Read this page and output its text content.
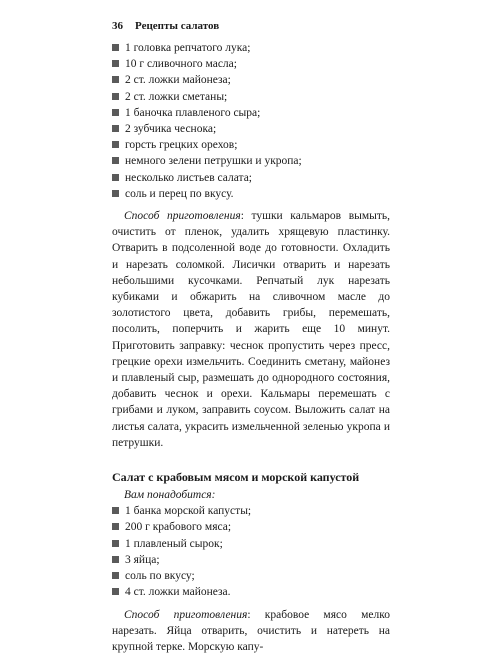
36 Рецепты салатов
1 головка репчатого лука;
10 г сливочного масла;
2 ст. ложки майонеза;
2 ст. ложки сметаны;
1 баночка плавленого сыра;
2 зубчика чеснока;
горсть грецких орехов;
немного зелени петрушки и укропа;
несколько листьев салата;
соль и перец по вкусу.

Способ приготовления: тушки кальмаров вымыть, очистить от пленок, удалить хрящевую пластинку. Отварить в подсоленной воде до готовности. Охладить и нарезать соломкой. Лисички отварить и нарезать небольшими кусочками. Репчатый лук нарезать кубиками и обжарить на сливочном масле до золотистого цвета, добавить грибы, перемешать, посолить, поперчить и жарить еще 10 минут. Приготовить заправку: чеснок пропустить через пресс, грецкие орехи измельчить. Соединить сметану, майонез и плавленый сыр, размешать до однородного состояния, добавить чеснок и орехи. Кальмары перемешать с грибами и луком, заправить соусом. Выложить салат на листья салата, украсить измельченной зеленью укропа и петрушки.

Салат с крабовым мясом и морской капустой
Вам понадобится:
1 банка морской капусты;
200 г крабового мяса;
1 плавленый сырок;
3 яйца;
соль по вкусу;
4 ст. ложки майонеза.

Способ приготовления: крабовое мясо мелко нарезать. Яйца отварить, очистить и натереть на крупной терке. Морскую капу-
